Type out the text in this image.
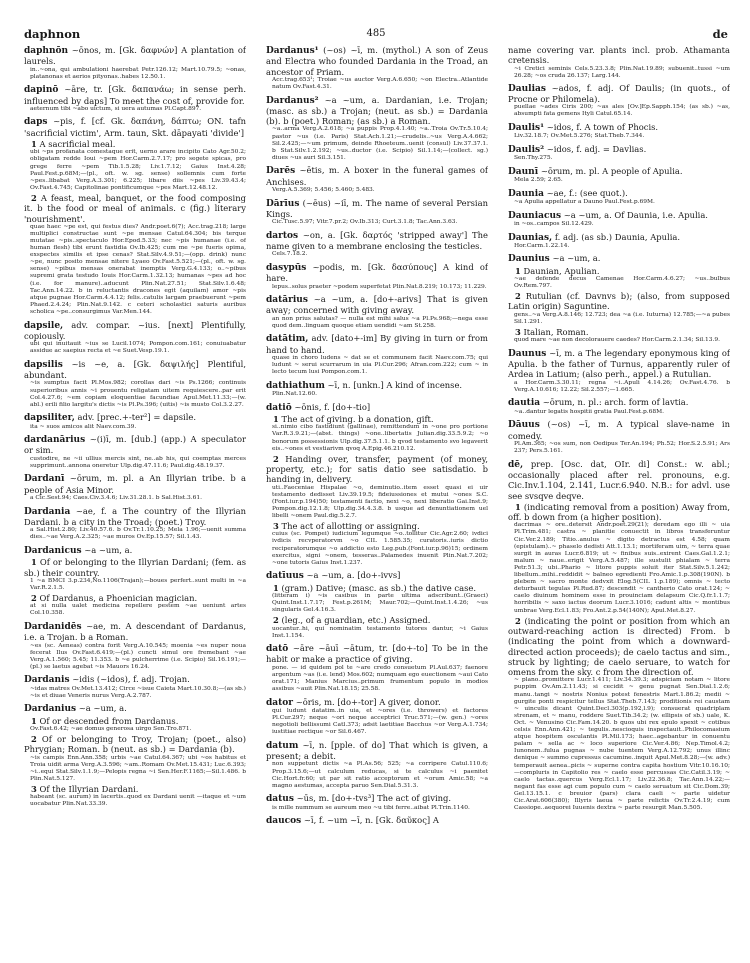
daphnon	485	de

daphnōn ~ōnos, m. [Gk. δαφνών] A plantation of laurels.

in..~ona, qui ambulationi haerebat Petr.126.12; Mart.10.79.5; ~onas, platanonas et aerios pityonas..habes 12.50.1.

dapinō ~āre, tr. [Gk. δαπανάω; in sense perh. influenced by daps] To meet the cost of, provide for.

aeternum tibi ~abo uictum, si uera autumas Pl.Capt.897.

daps ~pis, f. [cf. Gk. δαπάνη, δάπτω; ON. tafn 'sacrificial victim', Arm. taun, Skt. dāpayati 'divide']

1 A sacrificial meal.

ubi ~ps profanata comestaque erit, uerno arare incipito Cato Agr.50.2; obligatam redde Ioui ~pem Hor.Carm.2.7.17; pro segete spicas, pro grege ferre ~pem Tib.1.5.28; Liv.1.7.12; Gaius Inst.4.28; Paul.Fest.p.68M;—(pl., oft. w. sg. sense) sollemnis cum forte ~pes..libabat Verg.A.3.301; 6.225; libare diis ~pes Liv.39.43.4; Ov.Fast.4.745; Capitolinae pontificumque ~pes Mart.12.48.12.

2 A feast, meal, banquet, or the food composing it. b the food or meal of animals. c (fig.) literary 'nourishment'.

quae haec ~pe est, qui festus dies? Andr.poet.6(7); Acc.trag.218; large multiplici constructae sunt ~pe mensae Catul.64.304; bis terque mutatae ~pis..spectaculo Hor.Epod.5.33; nec ~pis humanae (i.e. of human flesh) tibi erunt fastidia Ov.Ib.425; cum me ~pe fueris opima, exspectes similis et ipse cenas? Stat.Silv.4.9.51;—(opp. drink) nunc ~pe, nunc posito mensae nitere Lyaeo Ov.Fast.5.521;—(pl., oft. w. sg. sense) ~pibus mensas onerabat inemptis Verg.G.4.133; o..~pibus supremi grata testudo Iouis Hor.Carm.1.32.13; humanas ~pes ad hoc (i.e. for manure)..aducunt Plin.Nat.27.51; Stat.Silv.1.6.48; Tac.Ann.14.22. b in reluctantis dracones egit (aquilam) amor ~pis atque pugnae Hor.Carm.4.4.12; felis..catulis largam praebuerunt ~pem Phaed.2.4.24; Plin.Nat.9.142. c ceteri scholastici saturis auribus scholica ~pe..consurgimus Var.Men.144.

dapsile, adv. compar. ~ius. [next] Plentifully, copiously.

ubi qui inuitauit ~ius se Lucil.1074; Pompon.com.161; conuiuabatur assidue ac saepius recta et ~e Suet.Vesp.19.1.

dapsilis ~is ~e, a. [Gk. δαψιλής] Plentiful, abundant.

~is sumptus facit Pl.Mos.982; corollas dari ~is Ps.1266; continuis superioribus annis ~i prouentu religatam uitem requiescere..par erit Col.4.27.6; ~em copiam eloquentiae facundiae Apul.Met.11.33;—(w. abl.) erili filio largitu's dictis ~is Pl.Ps.396; (uitis) ~is musto Col.3.2.27.

dapsiliter, adv. [prec.+-ter²] = dapsile.

ita ~ suos amicos alit Naev.com.39.

dardanārius ~(i)ī, m. [dub.] (app.) A speculator or sim.

custodire, ne ~ii ullius mercis sint, ne..ab his, qui coemptas merces supprimunt..annona oneretur Ulp.dig.47.11.6; Paul.dig.48.19.37.

Dardanī ~ōrum, m. pl. a An Illyrian tribe. b a people of Asia Minor.

a Cic.Sest.94; Caes.Civ.3.4.6; Liv.31.28.1. b Sal.Hist.3.61.

Dardania ~ae, f. a The country of the Illyrian Dardani. b a city in the Troad; (poet.) Troy.

a Sal.Hist.2.80; Liv.40.57.6. b Ov.Tr.1.10.25; Mela 1.96;—uenit summa dies..~ae Verg.A.2.325; ~ae muros Ov.Ep.15.57; Sil.1.43.

Dardanicus ~a ~um, a.

1 Of or belonging to the Illyrian Dardani; (fem. as sb.) their country.

1 ~a BMCI 3.p.234,No.1106(Trajan);—boues perfert..sunt multi in ~a Var.R.2.1.5.

2 Of Dardanus, a Phoenician magician.

at si nulla ualet medicina repellere pestem ~ae ueniunt artes Col.10.358.

Dardanidēs ~ae, m. A descendant of Dardanus, i.e. a Trojan. b a Roman.

~es (sc. Aeneas) contra forit Verg.A.10.545; moenia ~es nuper noua fecerat Ilus Ov.Fast.6.419;—(pl.) cuncti simul ore fremebant ~ae Verg.A.1.560; 5.45; 11.353. b ~e pulcherrime (i.e. Scipio) Sil.16.191;—(pl.) se laetus agebat ~is Mauors 16.24.

Dardanis ~idis (~idos), f. adj. Trojan.

~idas matres Ov.Met.13.412; Circe ~isue Caieta Mart.10.30.8;—(as sb.) ~is et diuae Veneris nurus Verg.A.2.787.

Dardanius ~a ~um, a.

1 Of or descended from Dardanus.

Ov.Fast.6.42; ~ae domus generosa uirgo Sen.Tro.871.

2 Of or belonging to Troy, Trojan; (poet., also) Phrygian; Roman. b (neut. as sb.) = Dardania (b).

~is campis Enn.Ann.358; urbis ~ae Catul.64.367; ubi ~os habitus et Troia uidit arma Verg.A.3.596; ~am..Romam Ov.Met.15.431; Luc.6.393; ~i..equi Stat.Silv.1.1.9;—Pelopis regna ~i Sen.Her.F.1165;—Sil.1.486. b Plin.Nat.5.127.

3 Of the Illyrian Dardani.

habeant (sc. aurum) in lacertis..quod ex Dardani uenit —itaque et ~um uocabatur Plin.Nat.33.39.

Dardanus¹ (~os) ~ī, m. (mythol.) A son of Zeus and Electra who founded Dardania in the Troad, an ancestor of Priam.

Acc.trag.653¹; Troiae ~us auctor Verg.A.6.650; ~on Electra..Atlantide natum Ov.Fast.4.31.

Dardanus² ~a ~um, a. Dardanian, i.e. Trojan; (masc. as sb.) a Trojan; (neut. as sb.) = Dardania (b). b (poet.) Roman; (as sb.) a Roman.

~a..arma Verg.A.2.618; ~a puppis Prop.4.1.40; ~a..Troia Ov.Tr.5.10.4; pastor ~us (i.e. Paris) Stat.Ach.1.21;—crudelis..~us Verg.A.4.662; Sil.2.425;—~um primum, deinde Rhoeteum..uenit (consul) Liv.37.37.1. b Stat.Silv.1.2.192; ~us..ductor (i.e. Scipio) Sil.1.14;—(collect. sg.) diues ~us auri Sil.3.151.

Darēs ~ētis, m. A boxer in the funeral games of Anchises.

Verg.A.5.369; 5.456; 5.460; 5.483.

Dārīus (~ēus) ~iī, m. The name of several Persian Kings.

Cic.Tusc.5.97; Vitr.7.pr.2; Ov.Ib.313; Curt.3.1.8; Tac.Ann.3.63.

dartos ~on, a. [Gk. δαρτός 'stripped away'] The name given to a membrane enclosing the testicles.

Cels.7.18.2.

dasypūs ~podis, m. [Gk. δασύπους] A kind of hare.

lepus..solus praeter ~podem superfetat Plin.Nat.8.219; 10.173; 11.229.

datārius ~a ~um, a. [do+-arivs] That is given away; concerned with giving away.

an non prius salutas? — nulla est mihi salus ~a Pl.Ps.968;—nega esse quod dem..linguam quoque etiam uendidi ~am St.258.

datātim, adv. [dato+-im] By giving in turn or from hand to hand.

quase in choro ludens ~ dat se et communem facit Naev.com.75; qui ludunt ~ serui scurrarum in uia Pl.Cur.296; Afran.com.222; cum ~ in lecto tecum lusi Pompon.com.1.

dathiathum ~ī, n. [unkn.] A kind of incense.

Plin.Nat.12.60.

datiō ~ōnis, f. [do+-tio]

1 The act of giving. b a donation, gift.

si..nimio cibo fastidiunt (gallinae), remittendum in ~one pro portione Var.R.3.9.21;—(abst. things) ~one..libertatis Julian.dig.33.5.9.2; ~o bonorum possessionis Ulp.dig.37.5.1.1. b qvod testamento svo legaverit eis..~ones et vestiarivm qvoq A.Epig.46.210.12.

2 Handing over, transfer, payment (of money, property, etc.); for satis datio see satisdatio. b handing in, delivery.

uti..Faeceniae Hispalae ~o, deminutio..item esset quasi ei uir testamento dedisset Liv.39.19.5; fideiussiones et mutui ~ones S.C.(Font.iur.p.194)50; testamenti factio, nexi ~o, nexi liberatio Gai.Inst.9; Pompon.dig.12.1.8; Ulp.dig.34.4.3.8. b usque ad denuntiationem uel libelli ~onem Paul.dig.5.2.7.

3 The act of allotting or assigning.

cuius (sc. Pompei) iudicium legumque ~o..tollitur Cic.Agr.2.60; ivdici ivdicis recvperatorvm ~o CIL 1.585.35; curatoris..iuris dictio reciperatorumque ~o addictio esto Leg.pub.(Font.iur.p.96)15; ordinem exercitus, signi ~onem, tesseras..Palamedes inuenit Plin.Nat.7.202; ~one tutoris Gaius Inst.1.237.

datīuus ~a ~um, a. [do+-ivvs]

1 (gram.) Dative; (masc. as sb.) the dative case.

(litteram i) ~is casibus in parte ultima adscribunt..(Graeci) Quint.Inst.1.7.17; Fest.p.261M; Maur.702;—Quint.Inst.1.4.26; ~us singularis Gel.4.16.3.

2 (leg., of a guardian, etc.) Assigned.

uocantur..hi, qui nominatim testamento tutores dantur, ~i Gaius Inst.1.154.

datō ~āre ~āuī ~ātum, tr. [do+-to] To be in the habit or make a practice of giving.

pone. — id quidem pol te ~are credo consuetum Pl.Aul.637; faenore argentum ~as (i.e. lend) Mos.602; numquam ego euectionem ~aui Cato orat.171; Manius Marcius..primum frumentum populo in modios assibus ~auit Plin.Nat.18.15; 25.58.

dator ~ōris, m. [do+-tor] A giver, donor.

qui ludunt datatim..in uia, et ~ores (i.e. throwers) et factores Pl.Cur.297; neque ~ori neque acceptrici Truc.571;—(w. gen.) ~ores negotioli bellissumi Catl.373; adsit laetitiae Bacchus ~or Verg.A.1.734; iustitiae rectique ~or Sil.6.467.

datum ~ī, n. [pple. of do] That which is given, a present; a debit.

non suppetunt dictis ~a Pl.As.56; 525; ~a corripere Catul.110.6; Prop.3.15.6;—ut calculum reducas, si te calculus ~i paenitet Cic.Hort.fr.60; ut par sit ratio acceptorum et ~orum Amic.58; ~a magno aestumas, accepta paruo Sen.Dial.5.31.3.

datus ~ūs, m. [do+-tvs³] The act of giving.

is mille nummum se aureum meo ~u tibi ferre..aibat Pl.Trin.1140.

daucos ~ī, f. ~um ~ī, n. [Gk. δαῦκος] A

name covering var. plants incl. prob. Athamanta cretensis.

~i Cretici seminis Cels.5.23.3.8; Plin.Nat.19.89; subuenit..tussi ~um 26.28; ~os cruda 26.137; Larg.144.

Daulias ~ados, f. adj. Of Daulis; (in quots., of Procne or Philomela).

puellae ~ades Ciris 200; ~as ales [Ov.]Ep.Sapph.154; (as sb.) ~as, absumpti fata gemens Ityli Catul.65.14.

Daulis¹ ~idos, f. A town of Phocis.

Liv.32.18.7; Ov.Met.5.276; Stat.Theb.7.344.

Daulis² ~idos, f. adj. = Davlias.

Sen.Thy.275.

Daunī ~ōrum, m. pl. A people of Apulia.

Mela 2.59; 2.65.

Daunia ~ae, f.: (see quot.).

~a Apulia appellatur a Dauno Paul.Fest.p.69M.

Dauniacus ~a ~um, a. Of Daunia, i.e. Apulia.

in ~os..campos Sil.12.429.

Daunias, f. adj. (as sb.) Daunia, Apulia.

Hor.Carm.1.22.14.

Daunius ~a ~um, a.

1 Daunian, Apulian.

~ae defende decus Camenae Hor.Carm.4.6.27; ~us..bulbus Ov.Rem.797.

2 Rutulian (cf. Davnvs b); (also, from supposed Latin origin) Saguntine.

gens..~a Verg.A.8.146; 12.723; dea ~a (i.e. Iuturna) 12.785;—~a pubes Sil.1.291.

3 Italian, Roman.

quod mare ~ae non decolorauere caedes? Hor.Carm.2.1.34; Sil.13.9.

Daunus ~ī, m. a The legendary eponymous king of Apulia. b the father of Turnus, apparently ruler of Ardea in Latium; (also perh., appel.) a Rutulian.

a Hor.Carm.3.30.11; regna ~i..Apuli 4.14.26; Ov.Fast.4.76. b Verg.A.10.616; 12.22; Sil.2.557;—1.665.

dautia ~ōrum, n. pl.: arch. form of lavtia.

~a..dantur legatis hospitii gratia Paul.Fest.p.68M.

Dāuus (~os) ~ī, m. A typical slave-name in comedy.

Pl.Am.365; ~os sum, non Oedipus Ter.An.194; Ph.52; Hor.S.2.5.91; Ars 237; Pers.5.161.

dē, prep. [Osc. dat, OIr. di] Const.: w. abl.; occasionally placed after rel. pronouns, e.g. Cic.Inv.1.104, 2.141, Lucr.6.940. N.B.: for advl. use see svsqve deqve.

1 (indicating removal from a position) Away from, off. b down from (a higher position).

dacrimas ~ ore..detersit Andr.poet.29(21); deredam ego illi ~ uia Pl.Trim.481; castra ~ planitie conuectit in libros transferuntur Cic.Ver.2.189; Titio..anulus ~ digito detractus est 4.58; quam (epistulam)..~ phaselo dedisti Att.1.13.1; mortiferam uim, ~ terra quae surgit in auras Lucr.6.819; ut ~ finibus suis..exirent Caes.Gal.1.2.1; malum ~ naue..erigit Verg.A.5.487; ille sustulit phialam ~ terra Petr.51.3; ubi..Phario ~ litore puppis soluit iter Stat.Silv.5.1.242; libellum..mihi..reddidit ~ balneo egredienti Fro.Amic.1.p.308(190N). b plebem ~ sacro monte dedvxit Elog.5(CIL 1.p.189); omnis ~ tecto deturbauit tegulas Pl.Rud.87; descendit ~ cantherio Cato orat.124; ~ caelo diuinum hominem esse in prouinciam delapsum Cic.Q.fr.1.1.7; horribilis ~ saxo iactus deorum Lucr.3.1016; cadunt altis ~ montibus umbrae Verg.Ecl.1.83; Fro.Ant.2.p.54(140N); Apul.Met.8.27.

2 (indicating the point or position from which an outward-reaching action is directed) From. b (indicating the point from which a downward-directed action proceeds); de caelo tactus and sim., struck by lighting; de caelo seruare, to watch for omens from the sky. c from the direction of.

~ plano..promittere Lucr.1.411; Liv.34.39.3; adspiciam notam ~ litore puppim Ov.Am.2.11.43; si cecidit ~ genu pugnat Sen.Dial.1.2.6; manu..tangi ~ nostris Nonius potest fenestris Mart.1.86.2; medii ~ gurgite ponti respicitur tellus Stat.Theb.7.143; proditionis rei caustam ~ uinculis dicant Quint.Decl.303(p.192,l.9); consuerat quadriplam strenam, et ~ manu, roddere Suet.Tib.34.2; (w. ellipsis of sb.) uale, K. Oct. ~ Venusino Cic.Fam.14.20. b quos ubi rex epulo spexit ~ cotibus celsis Enn.Ann.421; ~ tegulis..nescioquis inspectauit..Philocomasium atque hospitem osculantis Pl.Mil.173; haec..agebantur in conuentu palam ~ sella ac ~ loco superiore Cic.Ver.4.86; Nep.Timol.4.2; Iunonem..fulua pugnas ~ nube tuentem Verg.A.12.792; unus illinc denique ~ summo cupressus cacumine..inquit Apul.Met.8.28;—(w. adv.) temperauit aenea..picis ~ superne contra capita hostium Vitr.10.16.10;—compluris in Capitolio res ~ caelo esse percussas Cic.Catil.3.19; ~ caelo tactas..quercus Verg.Ecl.1.17; Liv.22.36.8; Tac.Ann.14.22;—negant fas esse agi cum populo cum ~ caelo seruatum sit Cic.Dom.39; Gel.13.15.1. c breuior (pars) clara caeli ~ parte uidetur Cic.Arat.606(380); Illyris laeua ~ parte relictis Ov.Tr.2.4.19; cum Cassiope..aequorei Iuuenis dextra ~ parte resurgit Man.5.505.
